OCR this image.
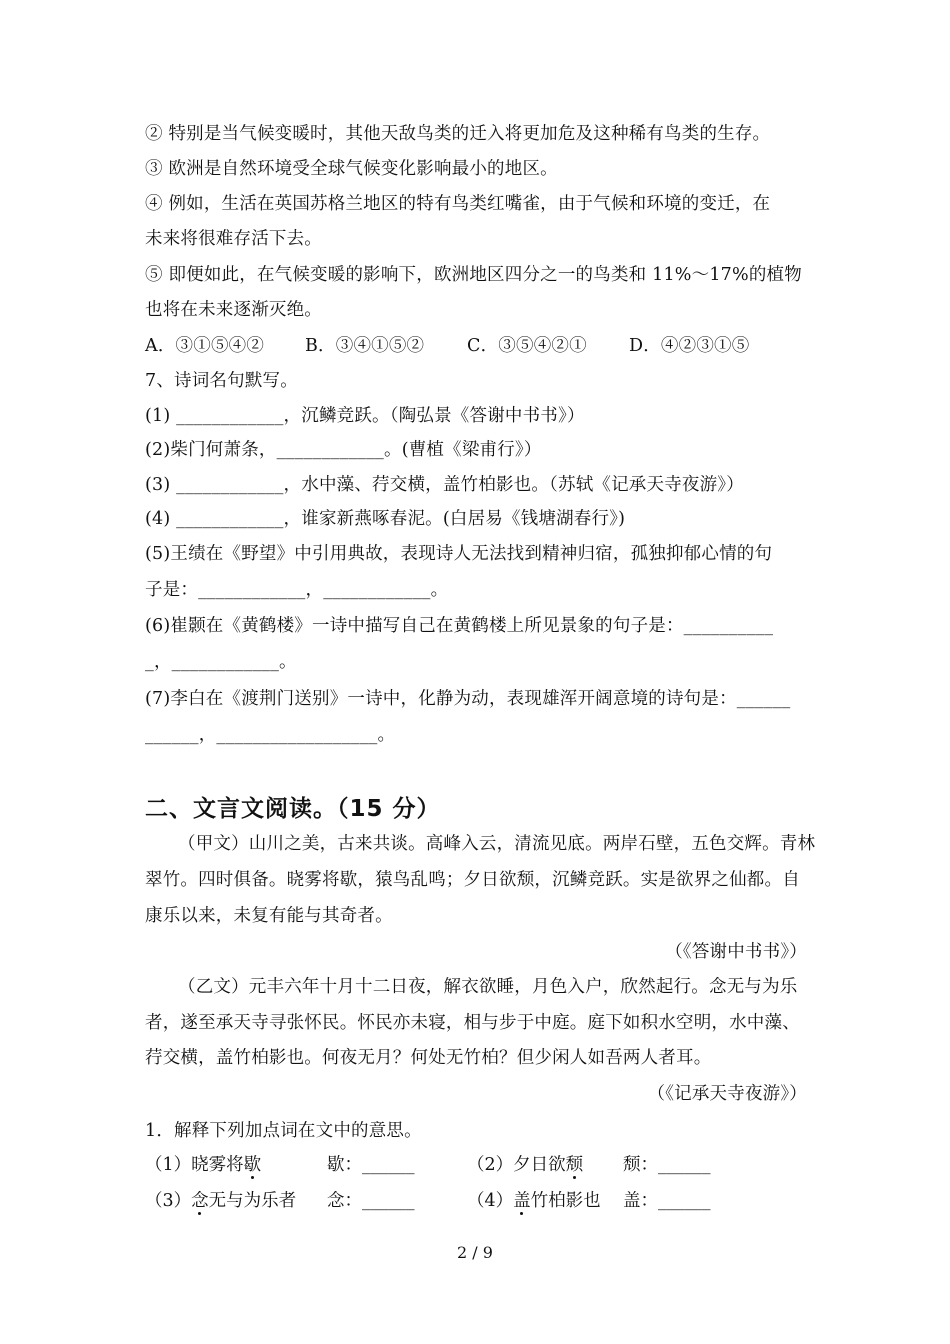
② 特别是当气候变暖时，其他天敌鸟类的迁入将更加危及这种稀有鸟类的生存。
③ 欧洲是自然环境受全球气候变化影响最小的地区。
④ 例如，生活在英国苏格兰地区的特有鸟类红嘴雀，由于气候和环境的变迁，在
未来将很难存活下去。
⑤ 即便如此，在气候变暖的影响下，欧洲地区四分之一的鸟类和 11%～17%的植物
也将在未来逐渐灭绝。
A．③①⑤④② B．③④①⑤② C．③⑤④②① D．④②③①⑤
7、诗词名句默写。
(1) ____________，沉鳞竞跃。（陶弘景《答谢中书书》）
(2)柴门何萧条，____________。(曹植《梁甫行》）
(3) ____________，水中藻、荇交横，盖竹柏影也。（苏轼《记承天寺夜游》）
(4) ____________，谁家新燕啄春泥。(白居易《钱塘湖春行》)
(5)王绩在《野望》中引用典故，表现诗人无法找到精神归宿，孤独抑郁心情的句
子是：____________，____________。
(6)崔颢在《黄鹤楼》一诗中描写自己在黄鹤楼上所见景象的句子是：__________
_，____________。
(7)李白在《渡荆门送别》一诗中，化静为动，表现雄浑开阔意境的诗句是：______
______，__________________。
二、文言文阅读。（15 分）
（甲文）山川之美，古来共谈。高峰入云，清流见底。两岸石壁，五色交辉。青林
翠竹。四时俱备。晓雾将歇，猿鸟乱鸣；夕日欲颓，沉鳞竞跃。实是欲界之仙都。自
康乐以来，未复有能与其奇者。
（《答谢中书书》）
（乙文）元丰六年十月十二日夜，解衣欲睡，月色入户，欣然起行。念无与为乐
者，遂至承天寺寻张怀民。怀民亦未寝，相与步于中庭。庭下如积水空明，水中藻、
荇交横，盖竹柏影也。何夜无月？何处无竹柏？但少闲人如吾两人者耳。
（《记承天寺夜游》）
1．解释下列加点词在文中的意思。
（1）晓雾将歇	歇：______	（2）夕日欲颓 颓：______
（3）念无与为乐者 念：______	（4）盖竹柏影也 盖：______
2 / 9
